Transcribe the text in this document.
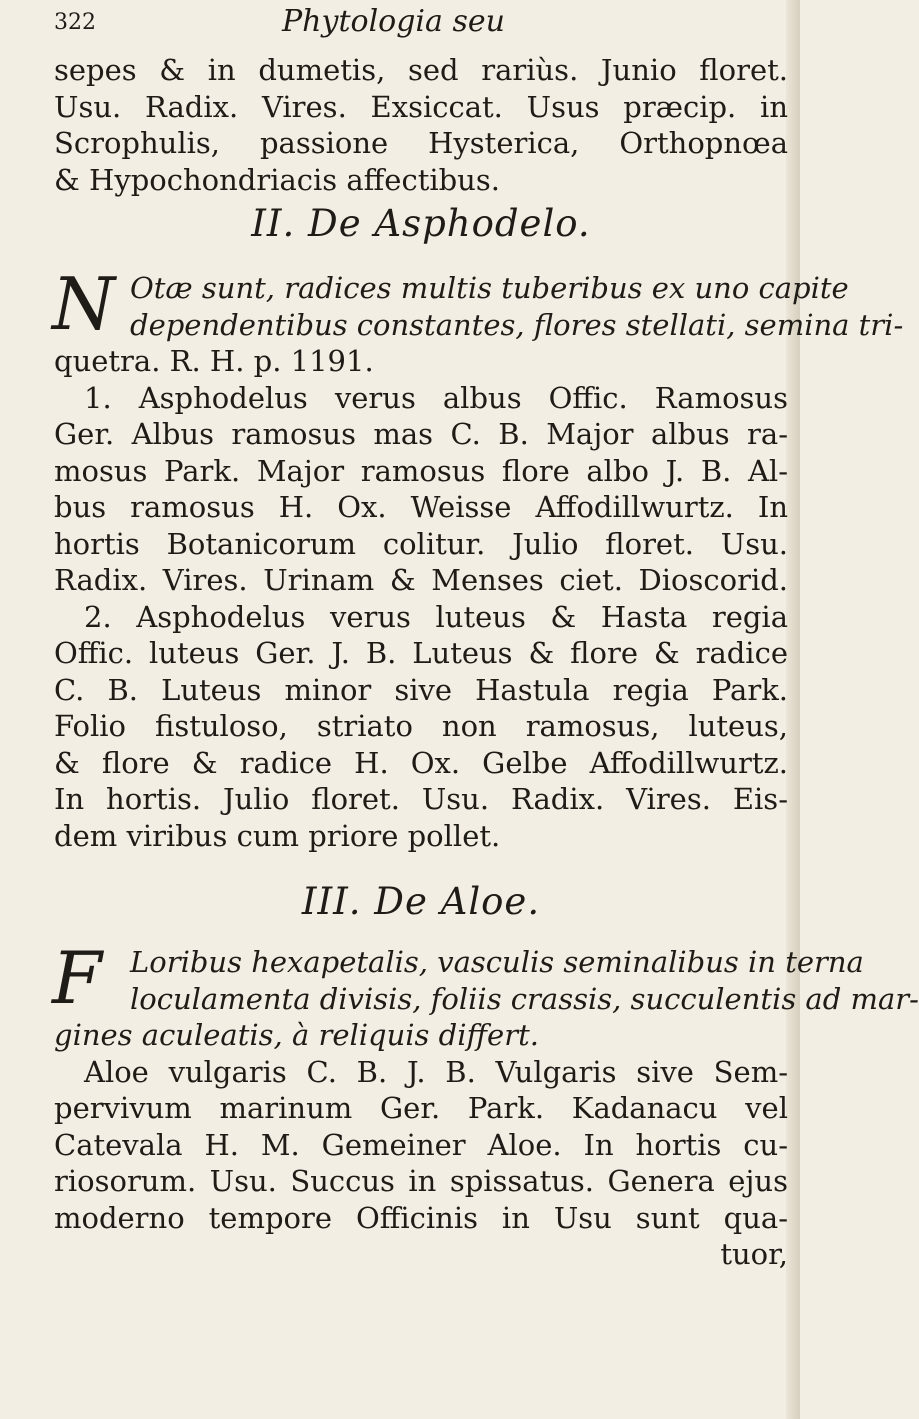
322	Phytologia seu
sepes & in dumetis, sed rariùs. Junio floret.
Usu. Radix. Vires. Exsiccat. Usus præcip. in
Scrophulis, passione Hysterica, Orthopnœa
& Hypochondriacis affectibus.
II. De Asphodelo.
N Otæ sunt, radices multis tuberibus ex uno capite
dependentibus constantes, flores stellati, semina tri-
quetra. R. H. p. 1191.
1. Asphodelus verus albus Offic. Ramosus
Ger. Albus ramosus mas C. B. Major albus ra-
mosus Park. Major ramosus flore albo J. B. Al-
bus ramosus H. Ox. Weisse Affodillwurtz. In
hortis Botanicorum colitur. Julio floret. Usu.
Radix. Vires. Urinam & Menses ciet. Dioscorid.
2. Asphodelus verus luteus & Hasta regia
Offic. luteus Ger. J. B. Luteus & flore & radice
C. B. Luteus minor sive Hastula regia Park.
Folio fistuloso, striato non ramosus, luteus,
& flore & radice H. Ox. Gelbe Affodillwurtz.
In hortis. Julio floret. Usu. Radix. Vires. Eis-
dem viribus cum priore pollet.
III. De Aloe.
F Loribus hexapetalis, vasculis seminalibus in terna
loculamenta divisis, foliis crassis, succulentis ad mar-
gines aculeatis, à reliquis differt.
Aloe vulgaris C. B. J. B. Vulgaris sive Sem-
pervivum marinum Ger. Park. Kadanacu vel
Catevala H. M. Gemeiner Aloe. In hortis cu-
riosorum. Usu. Succus in spissatus. Genera ejus
moderno tempore Officinis in Usu sunt qua-
tuor,
